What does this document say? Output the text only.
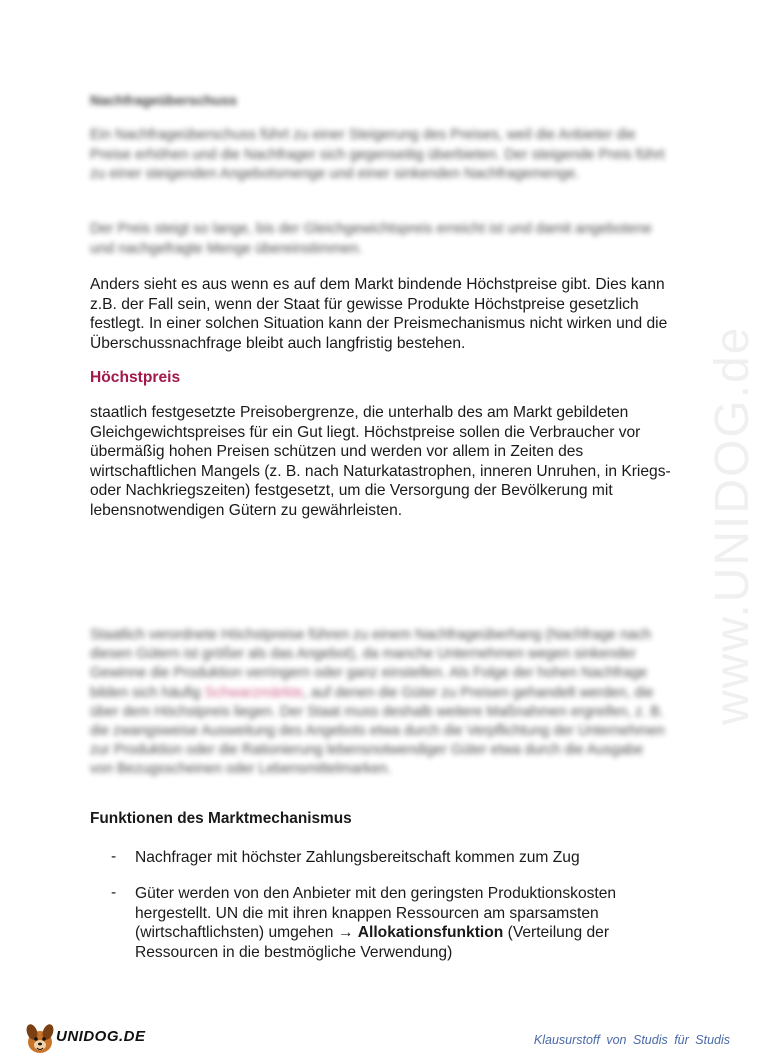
www.UNIDOG.de
Nachfrageüberschuss
Ein Nachfrageüberschuss führt zu einer Steigerung des Preises, weil die Anbieter die Preise erhöhen und die Nachfrager sich gegenseitig überbieten. Der steigende Preis führt zu einer steigenden Angebotsmenge und einer sinkenden Nachfragemenge.
Der Preis steigt so lange, bis der Gleichgewichtspreis erreicht ist und damit angebotene und nachgefragte Menge übereinstimmen.
Anders sieht es aus wenn es auf dem Markt bindende Höchstpreise gibt. Dies kann z.B. der Fall sein, wenn der Staat für gewisse Produkte Höchstpreise gesetzlich festlegt. In einer solchen Situation kann der Preismechanismus nicht wirken und die Überschussnachfrage bleibt auch langfristig bestehen.
Höchstpreis
staatlich festgesetzte Preisobergrenze, die unterhalb des am Markt gebildeten Gleichgewichtspreises für ein Gut liegt. Höchstpreise sollen die Verbraucher vor übermäßig hohen Preisen schützen und werden vor allem in Zeiten des wirtschaftlichen Mangels (z. B. nach Naturkatastrophen, inneren Unruhen, in Kriegs- oder Nachkriegszeiten) festgesetzt, um die Versorgung der Bevölkerung mit lebensnotwendigen Gütern zu gewährleisten.
Staatlich verordnete Höchstpreise führen zu einem Nachfrageüberhang (Nachfrage nach diesen Gütern ist größer als das Angebot), da manche Unternehmen wegen sinkender Gewinne die Produktion verringern oder ganz einstellen. Als Folge der hohen Nachfrage bilden sich häufig Schwarzmärkte, auf denen die Güter zu Preisen gehandelt werden, die über dem Höchstpreis liegen. Der Staat muss deshalb weitere Maßnahmen ergreifen, z. B. die zwangsweise Ausweitung des Angebots etwa durch die Verpflichtung der Unternehmen zur Produktion oder die Rationierung lebensnotwendiger Güter etwa durch die Ausgabe von Bezugsscheinen oder Lebensmittelmarken.
Funktionen des Marktmechanismus
- Nachfrager mit höchster Zahlungsbereitschaft kommen zum Zug
- Güter werden von den Anbieter mit den geringsten Produktionskosten hergestellt. UN die mit ihren knappen Ressourcen am sparsamsten (wirtschaftlichsten) umgehen → Allokationsfunktion (Verteilung der Ressourcen in die bestmögliche Verwendung)
UNIDOG.DE	Klausurstoff von Studis für Studis
